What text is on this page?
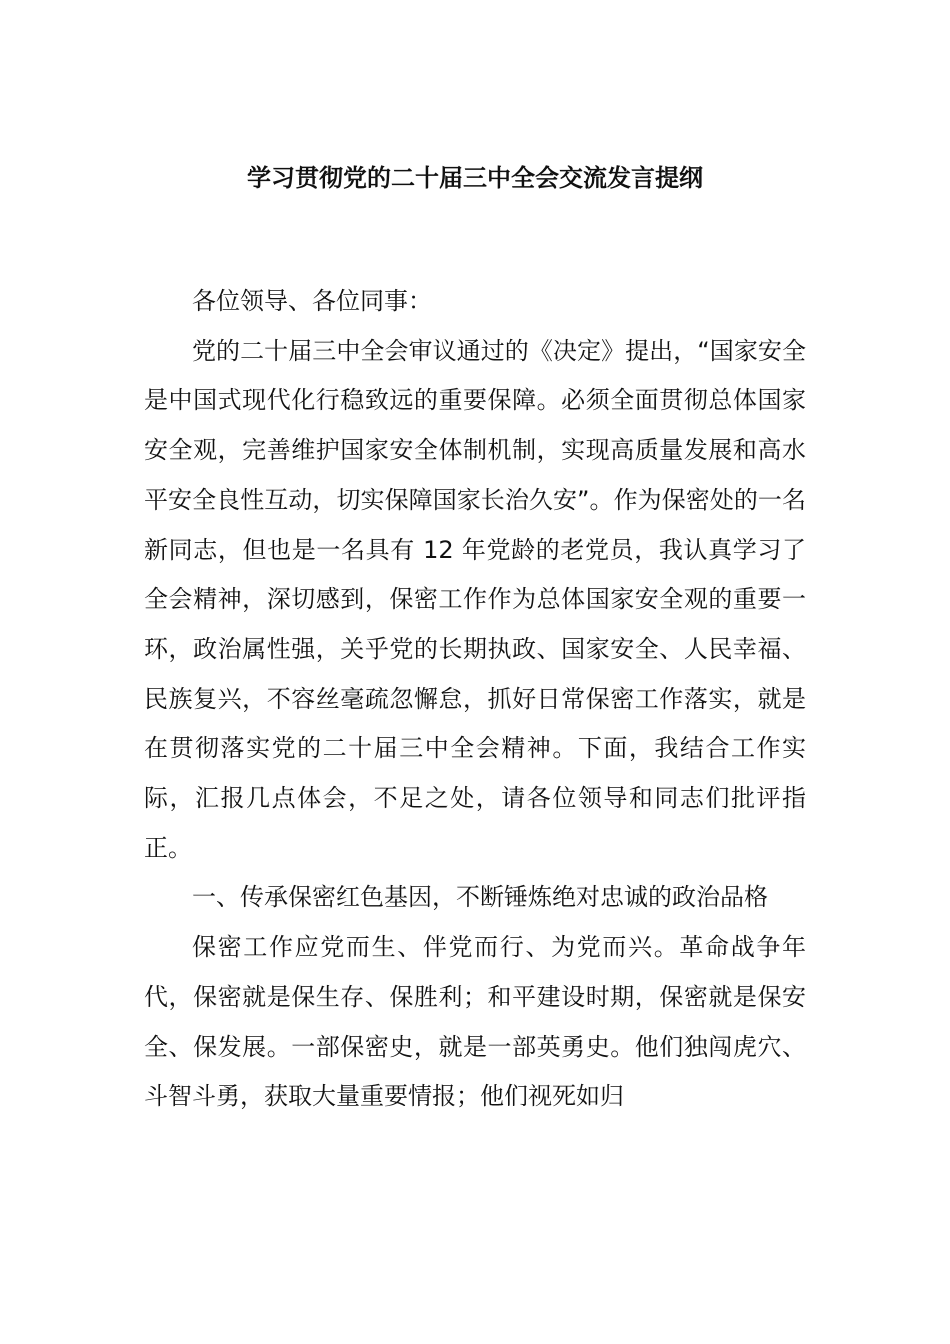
学习贯彻党的二十届三中全会交流发言提纲

各位领导、各位同事：

党的二十届三中全会审议通过的《决定》提出，“国家安全是中国式现代化行稳致远的重要保障。必须全面贯彻总体国家安全观，完善维护国家安全体制机制，实现高质量发展和高水平安全良性互动，切实保障国家长治久安”。作为保密处的一名新同志，但也是一名具有 12 年党龄的老党员，我认真学习了全会精神，深切感到，保密工作作为总体国家安全观的重要一环，政治属性强，关乎党的长期执政、国家安全、人民幸福、民族复兴，不容丝毫疏忽懈怠，抓好日常保密工作落实，就是在贯彻落实党的二十届三中全会精神。下面，我结合工作实际，汇报几点体会，不足之处，请各位领导和同志们批评指正。

一、传承保密红色基因，不断锤炼绝对忠诚的政治品格

保密工作应党而生、伴党而行、为党而兴。革命战争年代，保密就是保生存、保胜利；和平建设时期，保密就是保安全、保发展。一部保密史，就是一部英勇史。他们独闯虎穴、斗智斗勇，获取大量重要情报；他们视死如归
